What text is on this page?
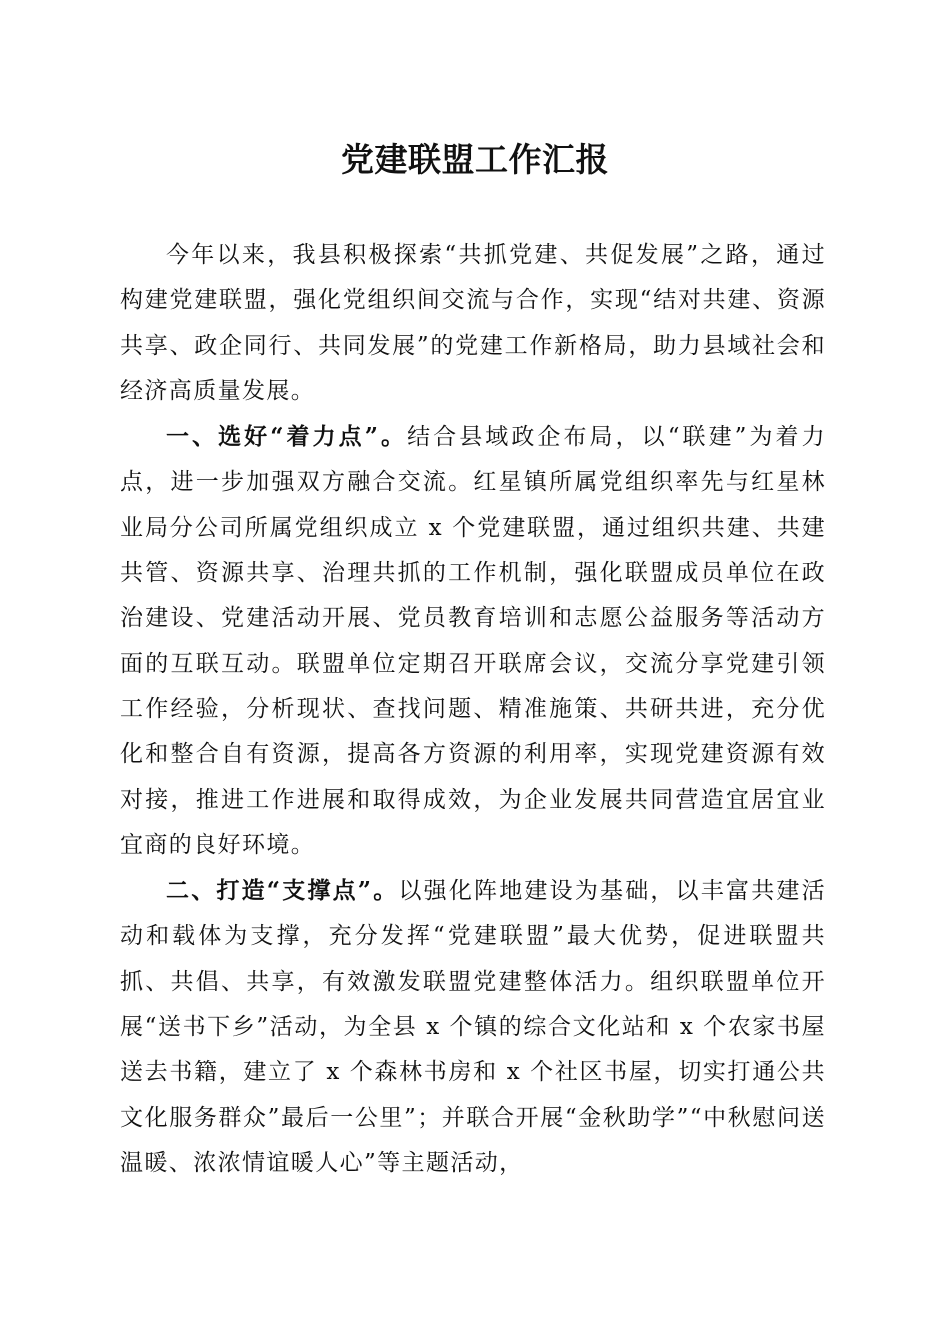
党建联盟工作汇报

今年以来，我县积极探索“共抓党建、共促发展”之路，通过构建党建联盟，强化党组织间交流与合作，实现“结对共建、资源共享、政企同行、共同发展”的党建工作新格局，助力县域社会和经济高质量发展。

一、选好“着力点”。结合县域政企布局，以“联建”为着力点，进一步加强双方融合交流。红星镇所属党组织率先与红星林业局分公司所属党组织成立 x 个党建联盟，通过组织共建、共建共管、资源共享、治理共抓的工作机制，强化联盟成员单位在政治建设、党建活动开展、党员教育培训和志愿公益服务等活动方面的互联互动。联盟单位定期召开联席会议，交流分享党建引领工作经验，分析现状、查找问题、精准施策、共研共进，充分优化和整合自有资源，提高各方资源的利用率，实现党建资源有效对接，推进工作进展和取得成效，为企业发展共同营造宜居宜业宜商的良好环境。

二、打造“支撑点”。以强化阵地建设为基础，以丰富共建活动和载体为支撑，充分发挥“党建联盟”最大优势，促进联盟共抓、共倡、共享，有效激发联盟党建整体活力。组织联盟单位开展“送书下乡”活动，为全县 x 个镇的综合文化站和 x 个农家书屋送去书籍，建立了 x 个森林书房和 x 个社区书屋，切实打通公共文化服务群众”最后一公里”；并联合开展“金秋助学”“中秋慰问送温暖、浓浓情谊暖人心”等主题活动，
